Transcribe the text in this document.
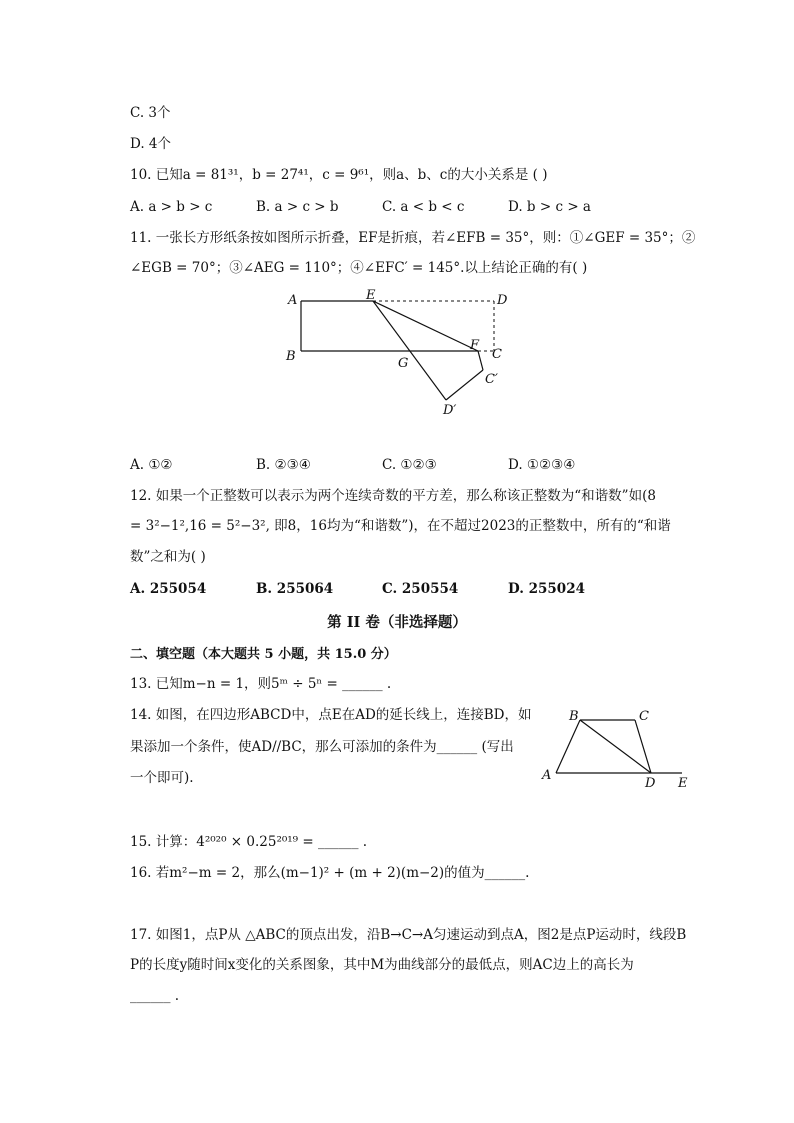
C. 3个
D. 4个
10. 已知a = 81³¹，b = 27⁴¹，c = 9⁶¹，则a、b、c的大小关系是 ( )
A. a > b > c	B. a > c > b	C. a < b < c	D. b > c > a
11. 一张长方形纸条按如图所示折叠，EF是折痕，若∠EFB = 35°，则：①∠GEF = 35°；②
∠EGB = 70°；③∠AEG = 110°；④∠EFC′ = 145°.以上结论正确的有( )
A	E	D
B	G
F
C
C′
D′
A. ①②	B. ②③④	C. ①②③	D. ①②③④
12. 如果一个正整数可以表示为两个连续奇数的平方差，那么称该正整数为“和谐数”如(8
= 3²−1²,16 = 5²−3², 即8，16均为“和谐数”)，在不超过2023的正整数中，所有的“和谐
数”之和为( )
A. 255054	B. 255064	C. 250554	D. 255024
第 II 卷（非选择题）
二、填空题（本大题共 5 小题，共 15.0 分）
13. 已知m−n = 1，则5ᵐ ÷ 5ⁿ = ______ .
14. 如图，在四边形ABCD中，点E在AD的延长线上，连接BD，如
果添加一个条件，使AD//BC，那么可添加的条件为______ (写出
一个即可).	A
B	C
D E
15. 计算：4²⁰²⁰ × 0.25²⁰¹⁹ = ______ .
16. 若m²−m = 2，那么(m−1)² + (m + 2)(m−2)的值为______.
17. 如图1，点P从 △ABC的顶点出发，沿B→C→A匀速运动到点A，图2是点P运动时，线段B
P的长度y随时间x变化的关系图象，其中M为曲线部分的最低点，则AC边上的高长为
______ .
